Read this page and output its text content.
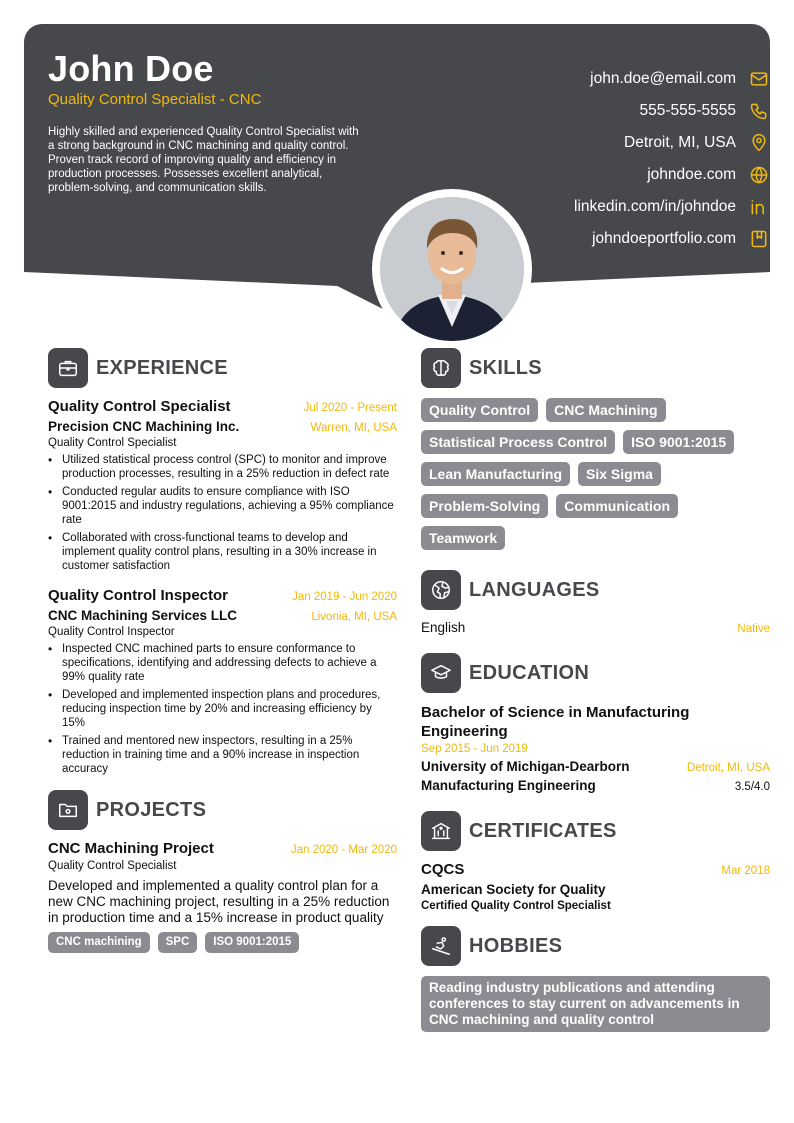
John Doe
Quality Control Specialist - CNC
Highly skilled and experienced Quality Control Specialist with a strong background in CNC machining and quality control. Proven track record of improving quality and efficiency in production processes. Possesses excellent analytical, problem-solving, and communication skills.
john.doe@email.com
555-555-5555
Detroit, MI, USA
johndoe.com
linkedin.com/in/johndoe
johndoeportfolio.com
EXPERIENCE
Quality Control Specialist	Jul 2020 - Present
Precision CNC Machining Inc.	Warren, MI, USA
Quality Control Specialist
• Utilized statistical process control (SPC) to monitor and improve production processes, resulting in a 25% reduction in defect rate
• Conducted regular audits to ensure compliance with ISO 9001:2015 and industry regulations, achieving a 95% compliance rate
• Collaborated with cross-functional teams to develop and implement quality control plans, resulting in a 30% increase in customer satisfaction
Quality Control Inspector	Jan 2019 - Jun 2020
CNC Machining Services LLC	Livonia, MI, USA
Quality Control Inspector
• Inspected CNC machined parts to ensure conformance to specifications, identifying and addressing defects to achieve a 99% quality rate
• Developed and implemented inspection plans and procedures, reducing inspection time by 20% and increasing efficiency by 15%
• Trained and mentored new inspectors, resulting in a 25% reduction in training time and a 90% increase in inspection accuracy
PROJECTS
CNC Machining Project	Jan 2020 - Mar 2020
Quality Control Specialist
Developed and implemented a quality control plan for a new CNC machining project, resulting in a 25% reduction in production time and a 15% increase in product quality
CNC machining	SPC	ISO 9001:2015
SKILLS
Quality Control	CNC Machining
Statistical Process Control	ISO 9001:2015
Lean Manufacturing	Six Sigma
Problem-Solving	Communication
Teamwork
LANGUAGES
English	Native
EDUCATION
Bachelor of Science in Manufacturing Engineering
Sep 2015 - Jun 2019
University of Michigan-Dearborn	Detroit, MI, USA
Manufacturing Engineering	3.5/4.0
CERTIFICATES
CQCS	Mar 2018
American Society for Quality
Certified Quality Control Specialist
HOBBIES
Reading industry publications and attending conferences to stay current on advancements in CNC machining and quality control
